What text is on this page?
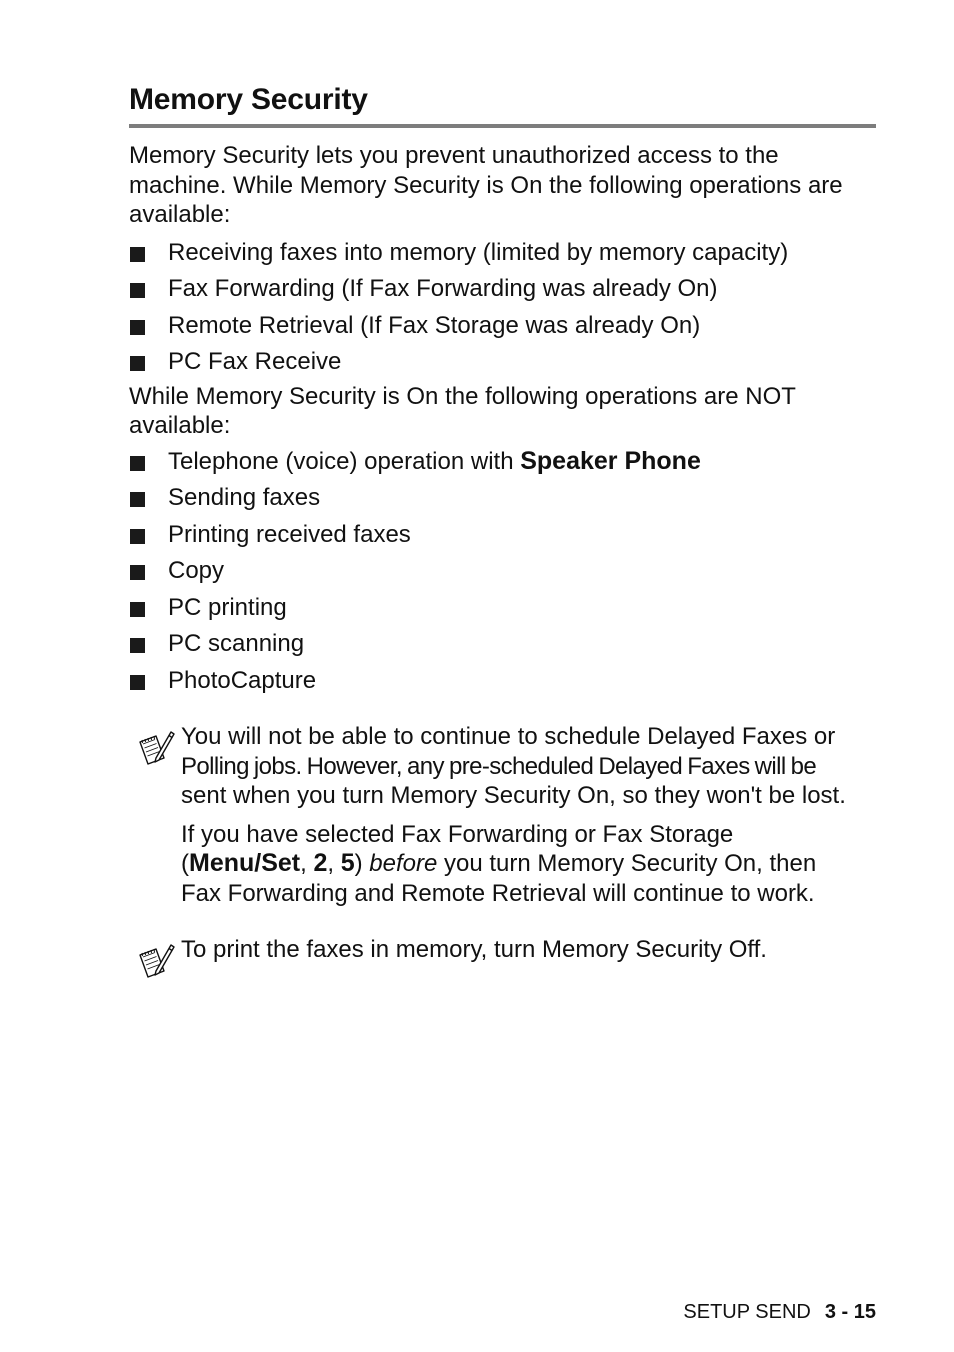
Memory Security

Memory Security lets you prevent unauthorized access to the machine. While Memory Security is On the following operations are available:

Receiving faxes into memory (limited by memory capacity)
Fax Forwarding (If Fax Forwarding was already On)
Remote Retrieval (If Fax Storage was already On)
PC Fax Receive

While Memory Security is On the following operations are NOT available:

Telephone (voice) operation with Speaker Phone
Sending faxes
Printing received faxes
Copy
PC printing
PC scanning
PhotoCapture

You will not be able to continue to schedule Delayed Faxes or
Polling jobs. However, any pre-scheduled Delayed Faxes will be
sent when you turn Memory Security On, so they won't be lost.

If you have selected Fax Forwarding or Fax Storage
(Menu/Set, 2, 5) before you turn Memory Security On, then
Fax Forwarding and Remote Retrieval will continue to work.

To print the faxes in memory, turn Memory Security Off.

SETUP SEND 3 - 15
